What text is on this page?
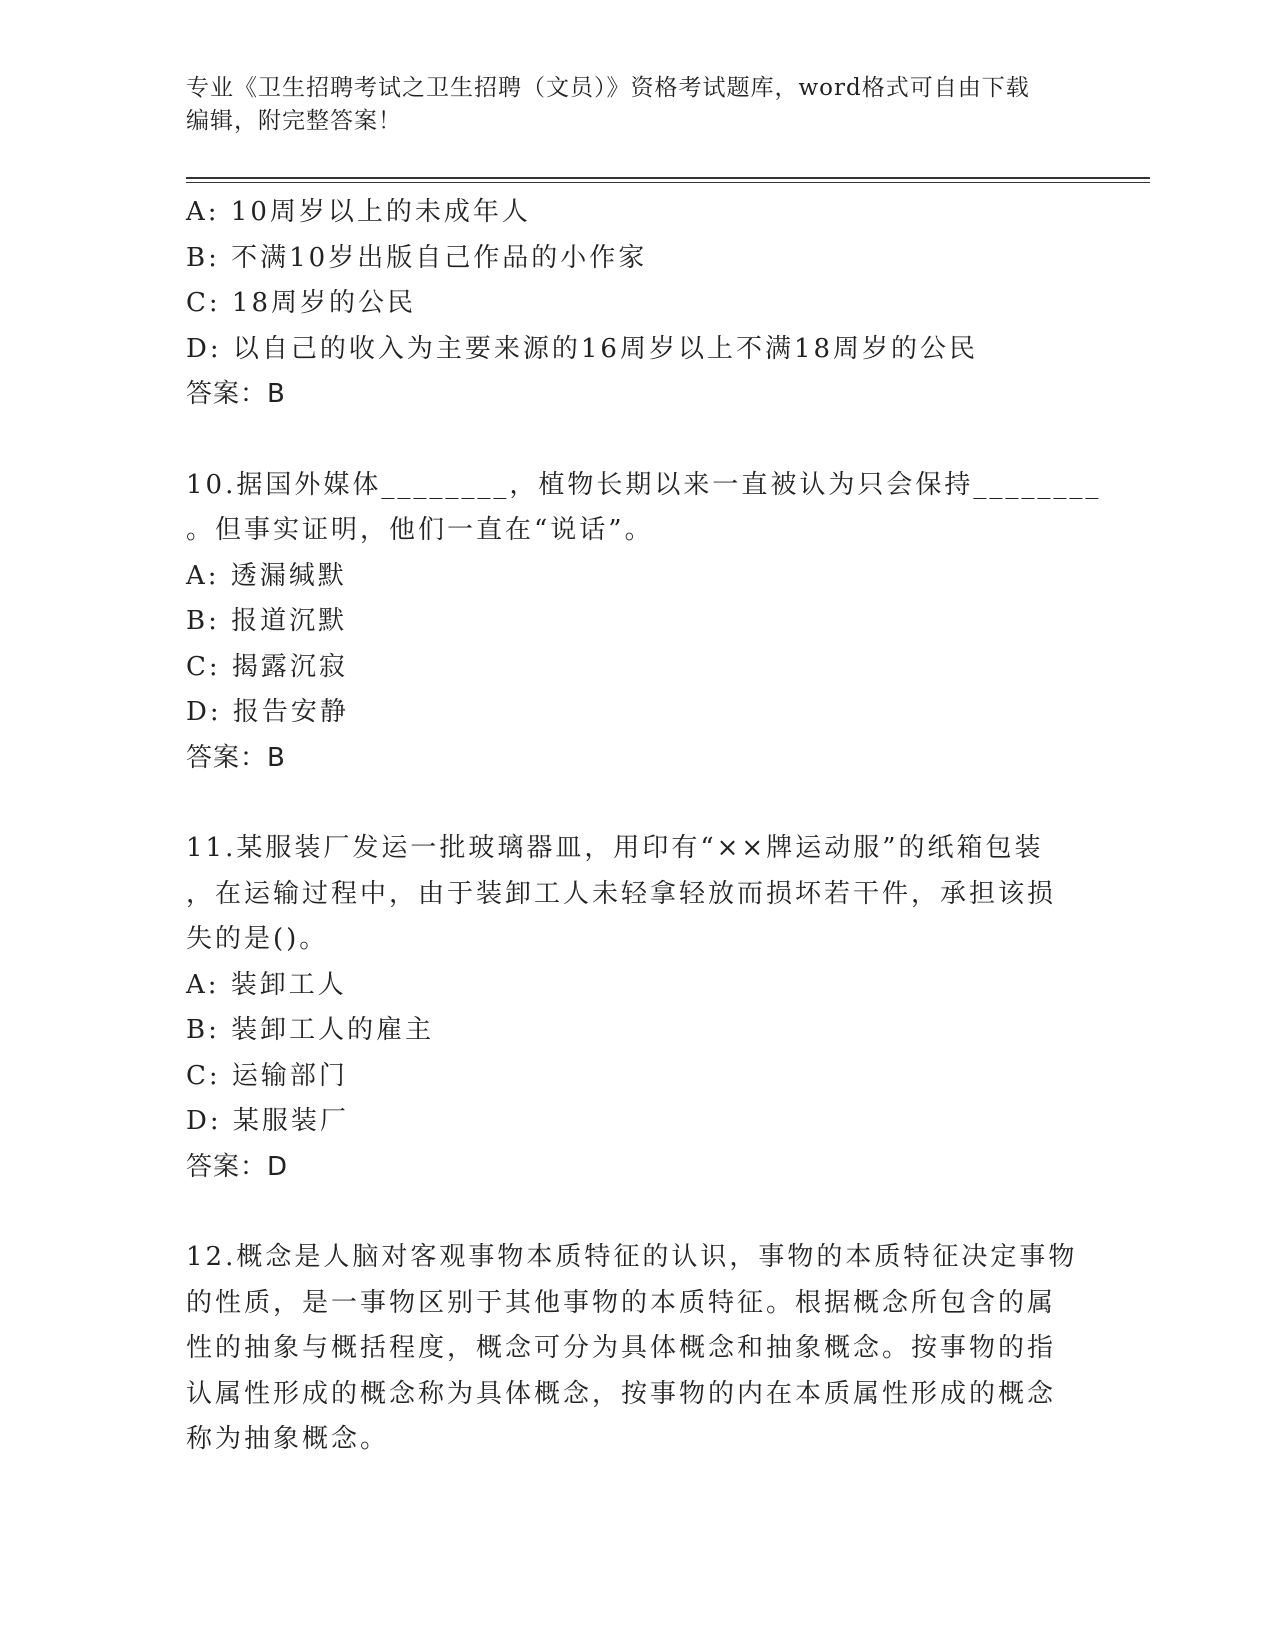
专业《卫生招聘考试之卫生招聘（文员）》资格考试题库，word格式可自由下载
编辑，附完整答案！
A: 10周岁以上的未成年人
B: 不满10岁出版自己作品的小作家
C: 18周岁的公民
D: 以自己的收入为主要来源的16周岁以上不满18周岁的公民
答案：B
10.据国外媒体________，植物长期以来一直被认为只会保持________
。但事实证明，他们一直在“说话”。
A: 透漏缄默
B: 报道沉默
C: 揭露沉寂
D: 报告安静
答案：B
11.某服装厂发运一批玻璃器皿，用印有“××牌运动服”的纸箱包装
，在运输过程中，由于装卸工人未轻拿轻放而损坏若干件，承担该损
失的是()。
A: 装卸工人
B: 装卸工人的雇主
C: 运输部门
D: 某服装厂
答案：D
12.概念是人脑对客观事物本质特征的认识，事物的本质特征决定事物
的性质，是一事物区别于其他事物的本质特征。根据概念所包含的属
性的抽象与概括程度，概念可分为具体概念和抽象概念。按事物的指
认属性形成的概念称为具体概念，按事物的内在本质属性形成的概念
称为抽象概念。
